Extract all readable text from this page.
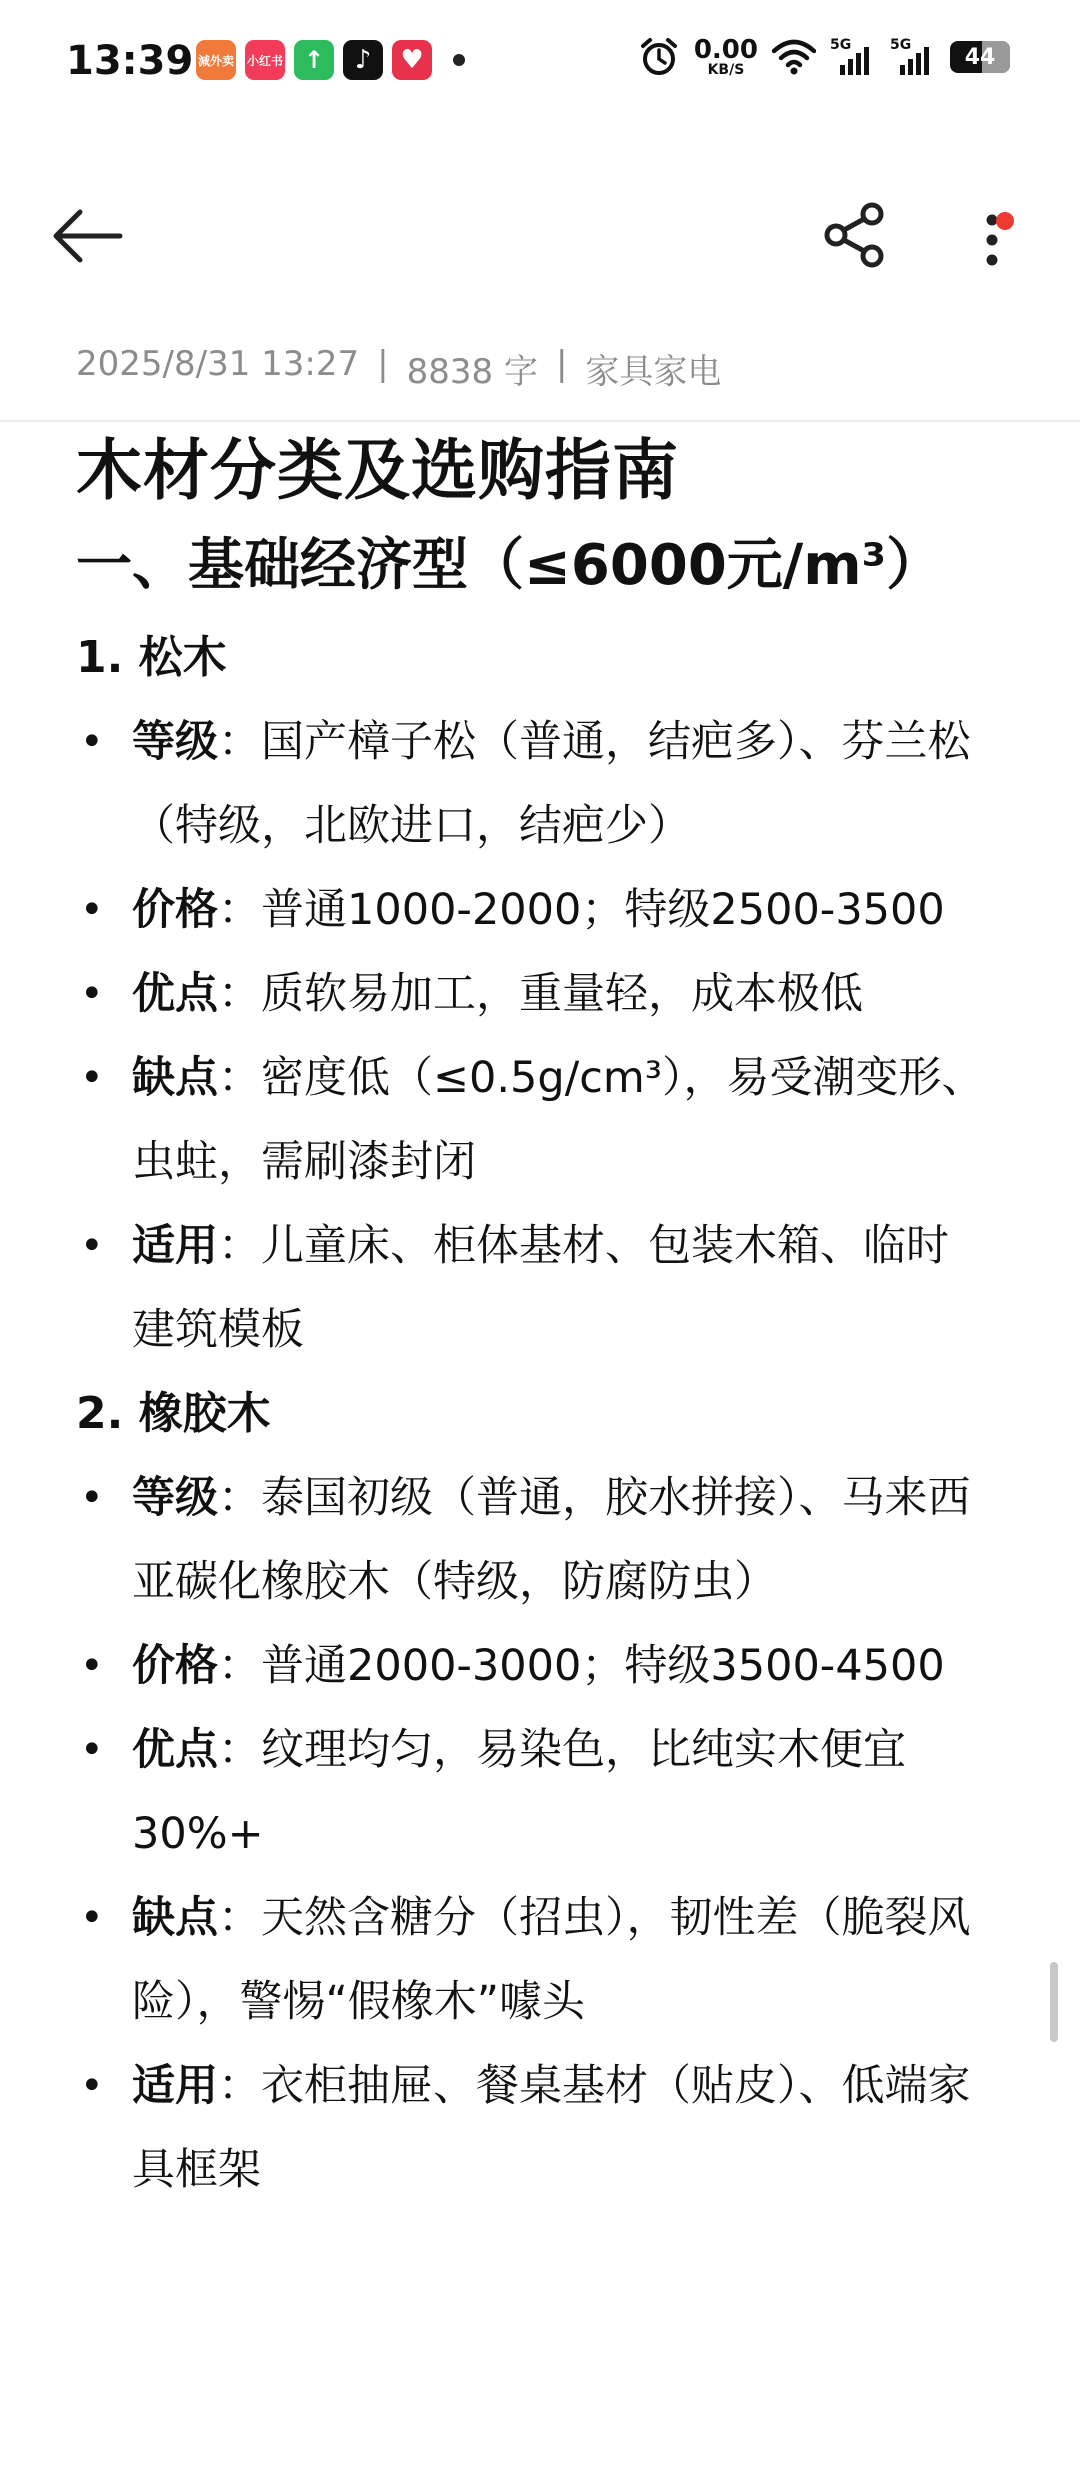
13:39 減外卖 小红书 ↑	♪	♥	0.00
KB/S
5G	5G 44
2025/8/31 13:27 | 8838 字 | 家具家电
木材分类及选购指南
一、基础经济型（≤6000元/m³）
1. 松木
• 等级：国产樟子松（普通，结疤多）、芬兰松（特级，北欧进口，结疤少）
• 价格：普通1000-2000；特级2500-3500
• 优点：质软易加工，重量轻，成本极低
• 缺点：密度低（≤0.5g/cm³），易受潮变形、虫蛀，需刷漆封闭
• 适用：儿童床、柜体基材、包装木箱、临时建筑模板
2. 橡胶木
• 等级：泰国初级（普通，胶水拼接）、马来西亚碳化橡胶木（特级，防腐防虫）
• 价格：普通2000-3000；特级3500-4500
• 优点：纹理均匀，易染色，比纯实木便宜30%+
• 缺点：天然含糖分（招虫），韧性差（脆裂风险），警惕“假橡木”噱头
• 适用：衣柜抽屉、餐桌基材（贴皮）、低端家具框架
